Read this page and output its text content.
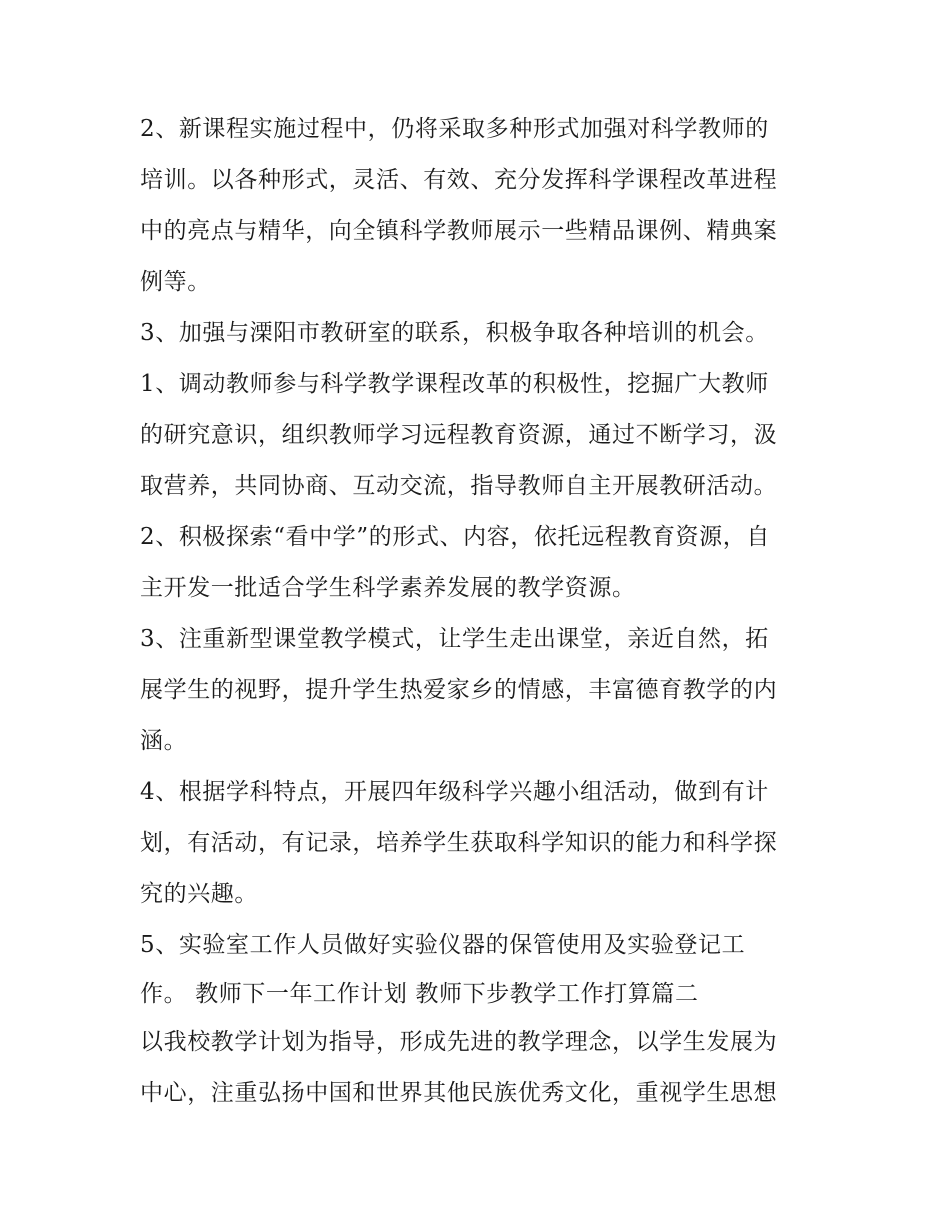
2、新课程实施过程中，仍将采取多种形式加强对科学教师的
培训。以各种形式，灵活、有效、充分发挥科学课程改革进程
中的亮点与精华，向全镇科学教师展示一些精品课例、精典案
例等。
3、加强与溧阳市教研室的联系，积极争取各种培训的机会。
1、调动教师参与科学教学课程改革的积极性，挖掘广大教师
的研究意识，组织教师学习远程教育资源，通过不断学习，汲
取营养，共同协商、互动交流，指导教师自主开展教研活动。
2、积极探索“看中学”的形式、内容，依托远程教育资源，自
主开发一批适合学生科学素养发展的教学资源。
3、注重新型课堂教学模式，让学生走出课堂，亲近自然，拓
展学生的视野，提升学生热爱家乡的情感，丰富德育教学的内
涵。
4、根据学科特点，开展四年级科学兴趣小组活动，做到有计
划，有活动，有记录，培养学生获取科学知识的能力和科学探
究的兴趣。
5、实验室工作人员做好实验仪器的保管使用及实验登记工
作。 教师下一年工作计划 教师下步教学工作打算篇二
以我校教学计划为指导，形成先进的教学理念，以学生发展为
中心，注重弘扬中国和世界其他民族优秀文化，重视学生思想
